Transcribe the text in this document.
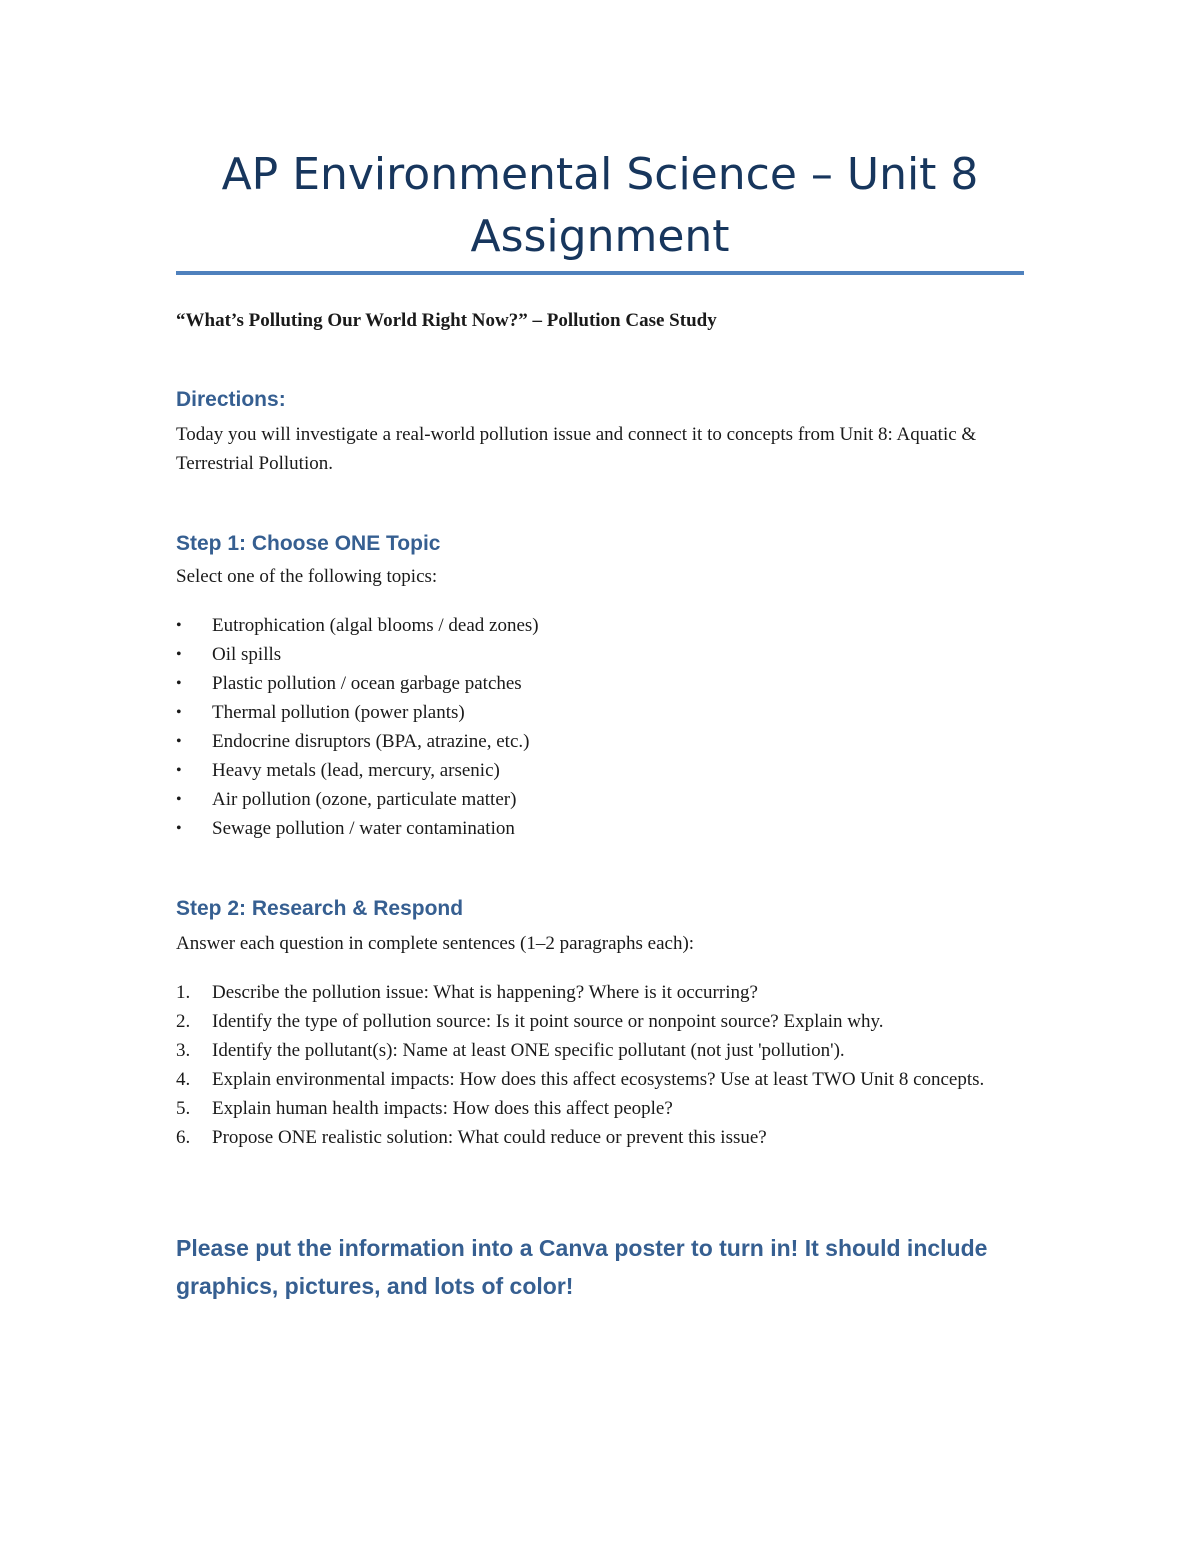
AP Environmental Science – Unit 8 Assignment
“What’s Polluting Our World Right Now?” – Pollution Case Study
Directions:
Today you will investigate a real-world pollution issue and connect it to concepts from Unit 8: Aquatic & Terrestrial Pollution.
Step 1: Choose ONE Topic
Select one of the following topics:
•	Eutrophication (algal blooms / dead zones)
•	Oil spills
•	Plastic pollution / ocean garbage patches
•	Thermal pollution (power plants)
•	Endocrine disruptors (BPA, atrazine, etc.)
•	Heavy metals (lead, mercury, arsenic)
•	Air pollution (ozone, particulate matter)
•	Sewage pollution / water contamination
Step 2: Research & Respond
Answer each question in complete sentences (1–2 paragraphs each):
1.	Describe the pollution issue: What is happening? Where is it occurring?
2.	Identify the type of pollution source: Is it point source or nonpoint source? Explain why.
3.	Identify the pollutant(s): Name at least ONE specific pollutant (not just 'pollution').
4.	Explain environmental impacts: How does this affect ecosystems? Use at least TWO Unit 8 concepts.
5.	Explain human health impacts: How does this affect people?
6.	Propose ONE realistic solution: What could reduce or prevent this issue?
Please put the information into a Canva poster to turn in! It should include graphics, pictures, and lots of color!
